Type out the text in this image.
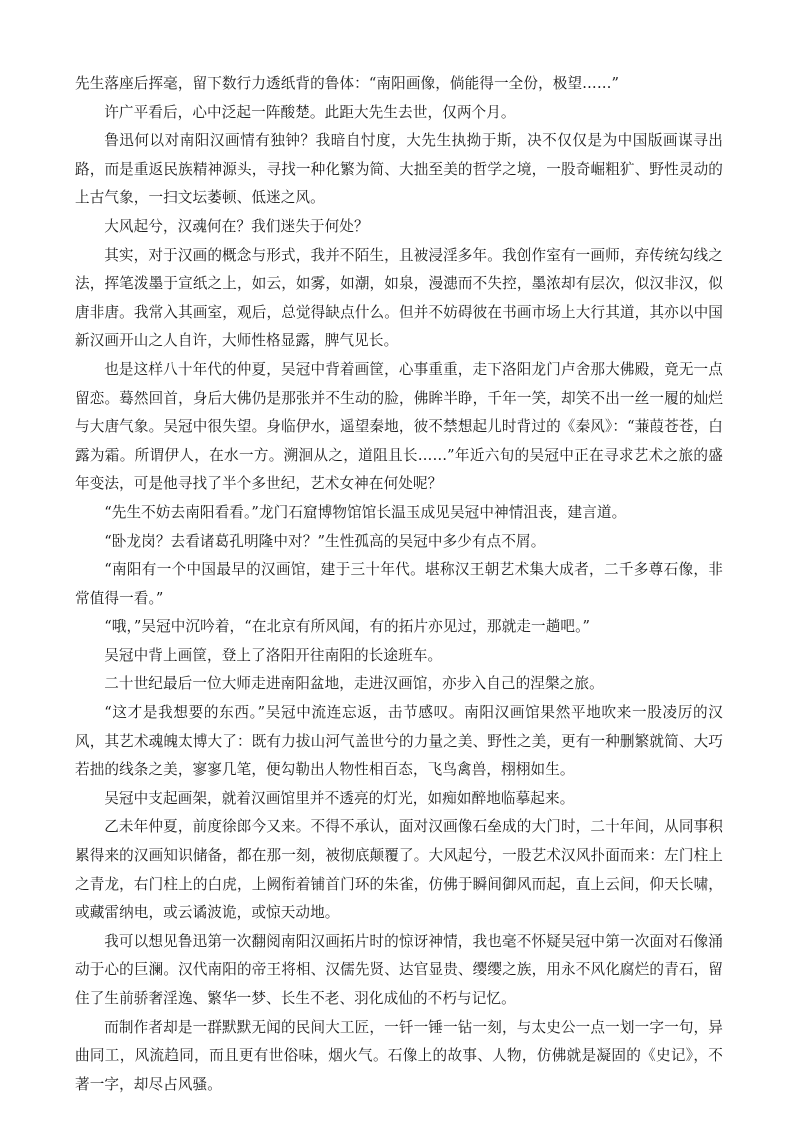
先生落座后挥毫，留下数行力透纸背的鲁体：“南阳画像，倘能得一全份，极望……”

许广平看后，心中泛起一阵酸楚。此距大先生去世，仅两个月。

鲁迅何以对南阳汉画情有独钟？我暗自忖度，大先生执拗于斯，决不仅仅是为中国版画谋寻出路，而是重返民族精神源头，寻找一种化繁为简、大拙至美的哲学之境，一股奇崛粗犷、野性灵动的上古气象，一扫文坛萎顿、低迷之风。

大风起兮，汉魂何在？我们迷失于何处？

其实，对于汉画的概念与形式，我并不陌生，且被浸淫多年。我创作室有一画师，弃传统勾线之法，挥笔泼墨于宣纸之上，如云，如雾，如潮，如泉，漫漶而不失控，墨浓却有层次，似汉非汉，似唐非唐。我常入其画室，观后，总觉得缺点什么。但并不妨碍彼在书画市场上大行其道，其亦以中国新汉画开山之人自许，大师性格显露，脾气见长。

也是这样八十年代的仲夏，吴冠中背着画筐，心事重重，走下洛阳龙门卢舍那大佛殿，竟无一点留恋。蓦然回首，身后大佛仍是那张并不生动的脸，佛眸半睁，千年一笑，却笑不出一丝一履的灿烂与大唐气象。吴冠中很失望。身临伊水，遥望秦地，彼不禁想起儿时背过的《秦风》：“蒹葭苍苍，白露为霜。所谓伊人，在水一方。溯洄从之，道阻且长……”年近六旬的吴冠中正在寻求艺术之旅的盛年变法，可是他寻找了半个多世纪，艺术女神在何处呢？

“先生不妨去南阳看看。”龙门石窟博物馆馆长温玉成见吴冠中神情沮丧，建言道。

“卧龙岗？去看诸葛孔明隆中对？”生性孤高的吴冠中多少有点不屑。

“南阳有一个中国最早的汉画馆，建于三十年代。堪称汉王朝艺术集大成者，二千多尊石像，非常值得一看。”

“哦，”吴冠中沉吟着，“在北京有所风闻，有的拓片亦见过，那就走一趟吧。”

吴冠中背上画筐，登上了洛阳开往南阳的长途班车。

二十世纪最后一位大师走进南阳盆地，走进汉画馆，亦步入自己的涅槃之旅。

“这才是我想要的东西。”吴冠中流连忘返，击节感叹。南阳汉画馆果然平地吹来一股凌厉的汉风，其艺术魂魄太博大了：既有力拔山河气盖世兮的力量之美、野性之美，更有一种删繁就简、大巧若拙的线条之美，寥寥几笔，便勾勒出人物性相百态，飞鸟禽兽，栩栩如生。

吴冠中支起画架，就着汉画馆里并不透亮的灯光，如痴如醉地临摹起来。

乙未年仲夏，前度徐郎今又来。不得不承认，面对汉画像石垒成的大门时，二十年间，从同事积累得来的汉画知识储备，都在那一刻，被彻底颠覆了。大风起兮，一股艺术汉风扑面而来：左门柱上之青龙，右门柱上的白虎，上阙衔着铺首门环的朱雀，仿佛于瞬间御风而起，直上云间，仰天长啸，或藏雷纳电，或云谲波诡，或惊天动地。

我可以想见鲁迅第一次翻阅南阳汉画拓片时的惊讶神情，我也毫不怀疑吴冠中第一次面对石像涌动于心的巨澜。汉代南阳的帝王将相、汉儒先贤、达官显贵、缨缨之族，用永不风化腐烂的青石，留住了生前骄奢淫逸、繁华一梦、长生不老、羽化成仙的不朽与记忆。

而制作者却是一群默默无闻的民间大工匠，一钎一锤一钻一刻，与太史公一点一划一字一句，异曲同工，风流趋同，而且更有世俗味，烟火气。石像上的故事、人物，仿佛就是凝固的《史记》，不著一字，却尽占风骚。
